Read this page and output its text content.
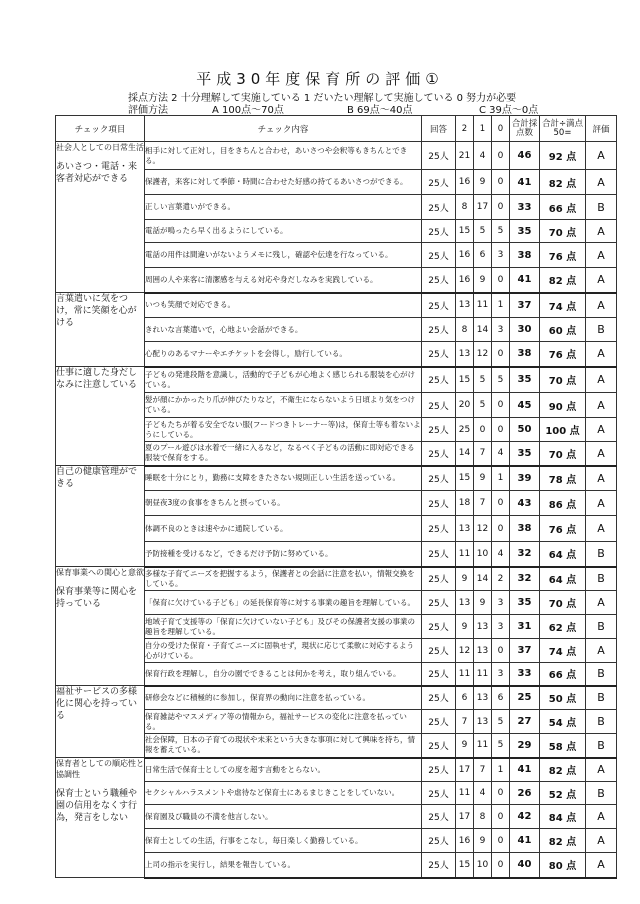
平成30年度保育所の評価①
採点方法 2 十分理解して実施している 1 だいたい理解して実施している 0 努力が必要
評価方法	A 100点〜70点	B 69点〜40点	C 39点〜0点
チェック項目	チェック内容	回答	2	1	0	合計採点数	合計÷満点50=	評価

社会人としての日常生活
あいさつ・電話・来客者対応ができる	相手に対して正対し，目をきちんと合わせ，あいさつや会釈等もきちんとできる。	25人	21	4	0	46	92 点	A
	保護者，来客に対して季節・時間に合わせた好感の持てるあいさつができる。	25人	16	9	0	41	82 点	A
	正しい言葉遣いができる。	25人	8	17	0	33	66 点	B
	電話が鳴ったら早く出るようにしている。	25人	15	5	5	35	70 点	A
	電話の用件は間違いがないようメモに残し，確認や伝達を行なっている。	25人	16	6	3	38	76 点	A
	周囲の人や来客に清潔感を与える対応や身だしなみを実践している。	25人	16	9	0	41	82 点	A

言葉遣いに気をつけ，常に笑顔を心がける	いつも笑顔で対応できる。	25人	13	11	1	37	74 点	A
	きれいな言葉遣いで，心地よい会話ができる。	25人	8	14	3	30	60 点	B
	心配りのあるマナーやエチケットを会得し，励行している。	25人	13	12	0	38	76 点	A

仕事に適した身だしなみに注意している	子どもの発達段階を意識し，活動的で子どもが心地よく感じられる服装を心がけている。	25人	15	5	5	35	70 点	A
	髪が顔にかかったり爪が伸びたりなど，不衛生にならないよう日頃より気をつけている。	25人	20	5	0	45	90 点	A
	子どもたちが着る安全でない服(フードつきトレーナー等)は，保育士等も着ないようにしている。	25人	25	0	0	50	100 点	A
	夏のプール遊びは水着で一緒に入るなど，なるべく子どもの活動に即対応できる服装で保育をする。	25人	14	7	4	35	70 点	A

自己の健康管理ができる	睡眠を十分にとり，勤務に支障をきたさない規則正しい生活を送っている。	25人	15	9	1	39	78 点	A
	朝昼夜3度の食事をきちんと摂っている。	25人	18	7	0	43	86 点	A
	体調不良のときは速やかに通院している。	25人	13	12	0	38	76 点	A
	予防接種を受けるなど，できるだけ予防に努めている。	25人	11	10	4	32	64 点	B

保育事業への関心と意欲
保育事業等に関心を持っている	多様な子育てニーズを把握するよう，保護者との会話に注意を払い，情報交換をしている。	25人	9	14	2	32	64 点	B
	「保育に欠けている子ども」の延長保育等に対する事業の趣旨を理解している。	25人	13	9	3	35	70 点	A
	地域子育て支援等の「保育に欠けていない子ども」及びその保護者支援の事業の趣旨を理解している。	25人	9	13	3	31	62 点	B
	自分の受けた保育・子育てニーズに固執せず，現状に応じて柔軟に対応するよう心がけている。	25人	12	13	0	37	74 点	A
	保育行政を理解し，自分の園でできることは何かを考え，取り組んでいる。	25人	11	11	3	33	66 点	B

福祉サービスの多様化に関心を持っている	研修会などに積極的に参加し，保育界の動向に注意を払っている。	25人	6	13	6	25	50 点	B
	保育雑誌やマスメディア等の情報から，福祉サービスの変化に注意を払っている。	25人	7	13	5	27	54 点	B
	社会保障，日本の子育ての現状や未来という大きな事項に対して興味を持ち，情報を蓄えている。	25人	9	11	5	29	58 点	B

保育者としての順応性と協調性
保育士という職種や園の信用をなくす行為，発言をしない	日常生活で保育士としての度を超す言動をとらない。	25人	17	7	1	41	82 点	A
	セクシャルハラスメントや虐待など保育士にあるまじきことをしていない。	25人	11	4	0	26	52 点	B
	保育園及び職員の不満を他言しない。	25人	17	8	0	42	84 点	A
	保育士としての生活，行事をこなし，毎日楽しく勤務している。	25人	16	9	0	41	82 点	A
	上司の指示を実行し，結果を報告している。	25人	15	10	0	40	80 点	A
